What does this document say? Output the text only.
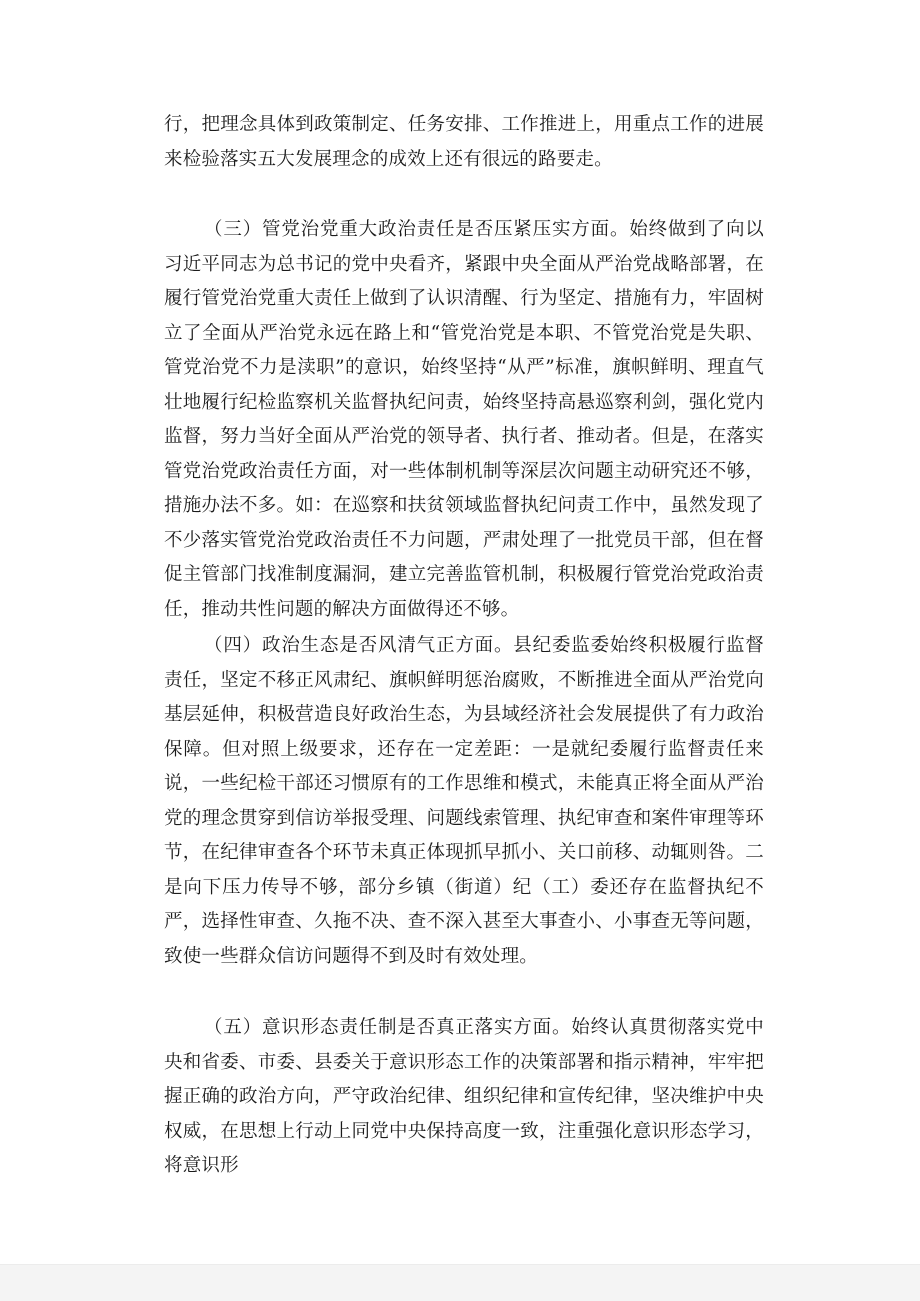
行，把理念具体到政策制定、任务安排、工作推进上，用重点工作的进展来检验落实五大发展理念的成效上还有很远的路要走。

（三）管党治党重大政治责任是否压紧压实方面。始终做到了向以习近平同志为总书记的党中央看齐，紧跟中央全面从严治党战略部署，在履行管党治党重大责任上做到了认识清醒、行为坚定、措施有力，牢固树立了全面从严治党永远在路上和“管党治党是本职、不管党治党是失职、管党治党不力是渎职”的意识，始终坚持“从严”标准，旗帜鲜明、理直气壮地履行纪检监察机关监督执纪问责，始终坚持高悬巡察利剑，强化党内监督，努力当好全面从严治党的领导者、执行者、推动者。但是，在落实管党治党政治责任方面，对一些体制机制等深层次问题主动研究还不够，措施办法不多。如：在巡察和扶贫领域监督执纪问责工作中，虽然发现了不少落实管党治党政治责任不力问题，严肃处理了一批党员干部，但在督促主管部门找准制度漏洞，建立完善监管机制，积极履行管党治党政治责任，推动共性问题的解决方面做得还不够。

（四）政治生态是否风清气正方面。县纪委监委始终积极履行监督责任，坚定不移正风肃纪、旗帜鲜明惩治腐败，不断推进全面从严治党向基层延伸，积极营造良好政治生态，为县域经济社会发展提供了有力政治保障。但对照上级要求，还存在一定差距：一是就纪委履行监督责任来说，一些纪检干部还习惯原有的工作思维和模式，未能真正将全面从严治党的理念贯穿到信访举报受理、问题线索管理、执纪审查和案件审理等环节，在纪律审查各个环节未真正体现抓早抓小、关口前移、动辄则咎。二是向下压力传导不够，部分乡镇（街道）纪（工）委还存在监督执纪不严，选择性审查、久拖不决、查不深入甚至大事查小、小事查无等问题，致使一些群众信访问题得不到及时有效处理。

（五）意识形态责任制是否真正落实方面。始终认真贯彻落实党中央和省委、市委、县委关于意识形态工作的决策部署和指示精神，牢牢把握正确的政治方向，严守政治纪律、组织纪律和宣传纪律，坚决维护中央权威，在思想上行动上同党中央保持高度一致，注重强化意识形态学习，将意识形
